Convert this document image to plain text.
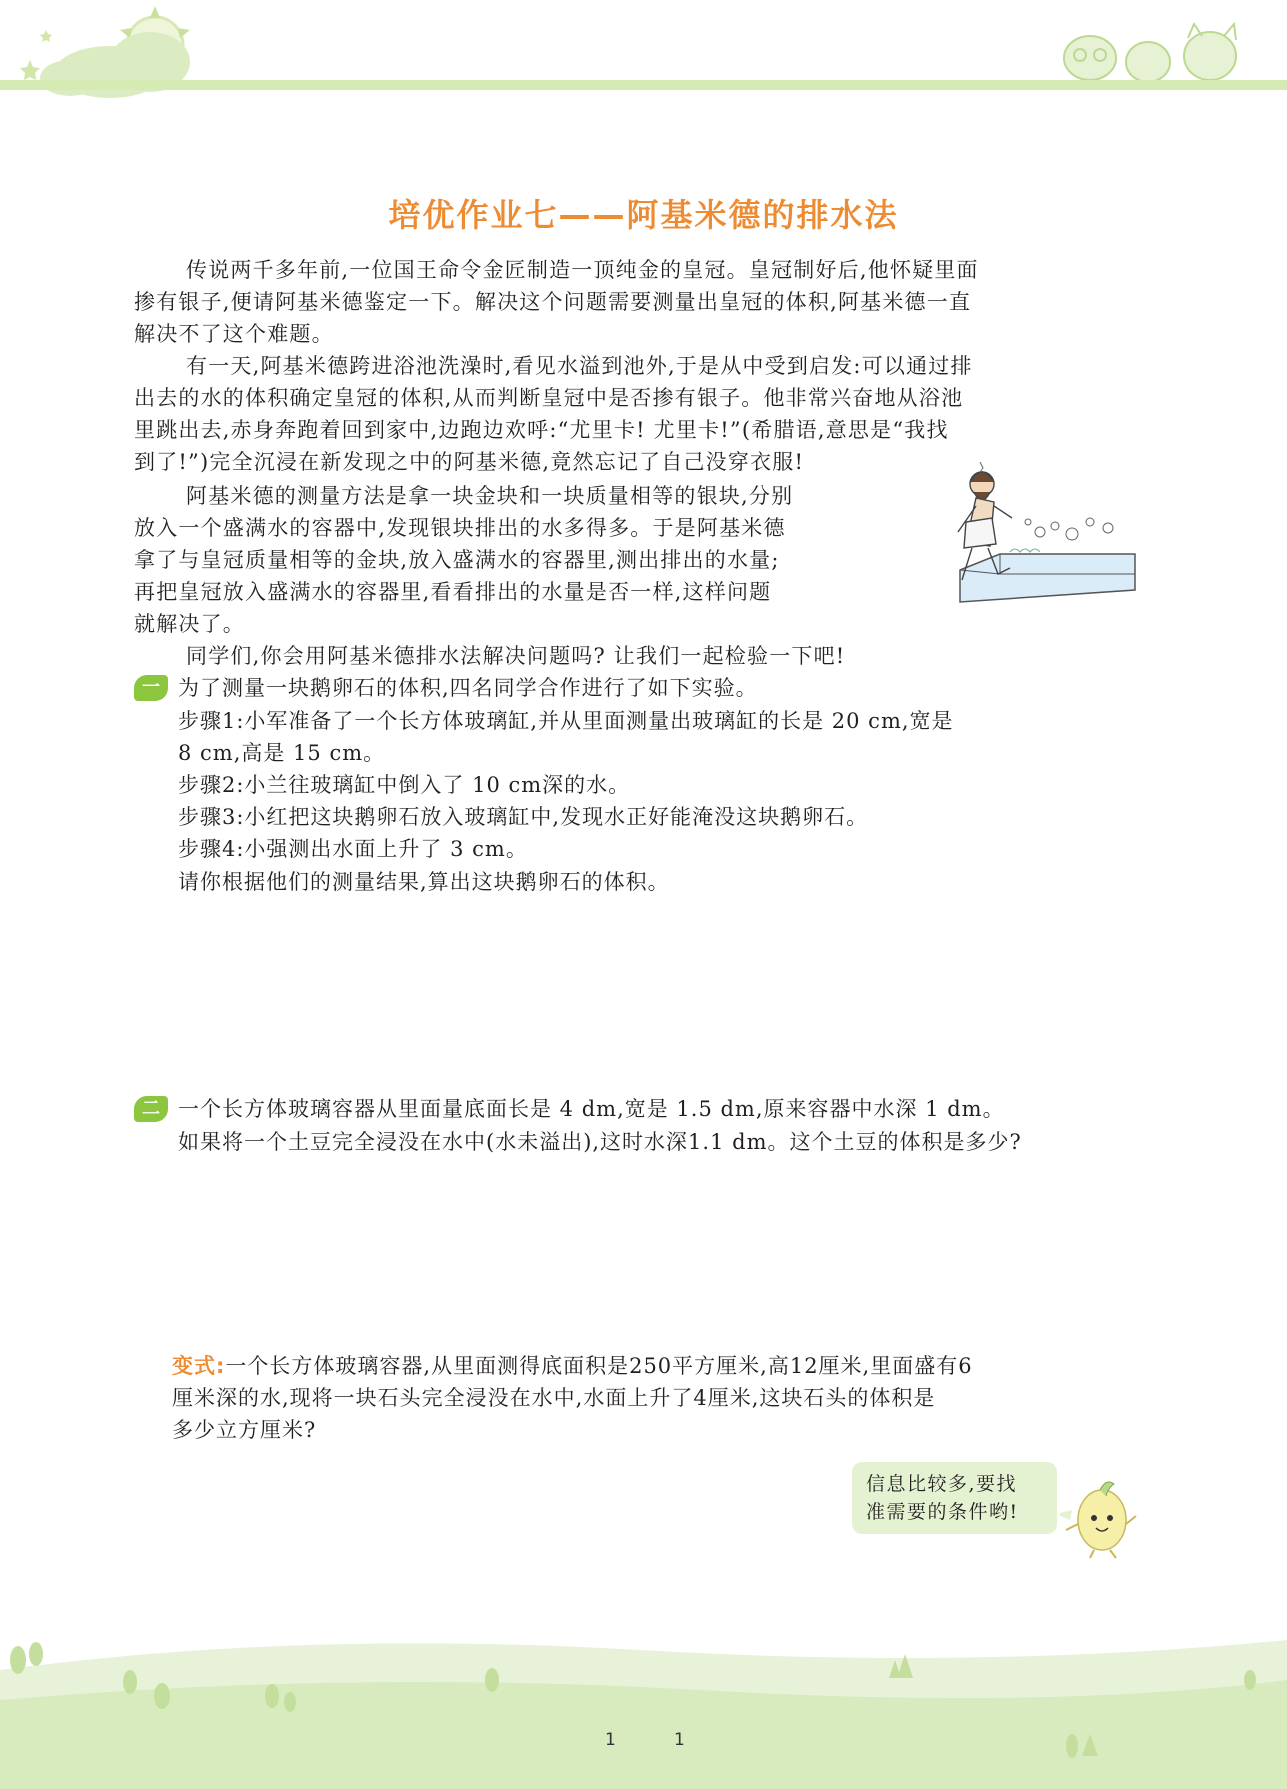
培优作业七——阿基米德的排水法
传说两千多年前,一位国王命令金匠制造一顶纯金的皇冠。皇冠制好后,他怀疑里面
掺有银子,便请阿基米德鉴定一下。解决这个问题需要测量出皇冠的体积,阿基米德一直
解决不了这个难题。
有一天,阿基米德跨进浴池洗澡时,看见水溢到池外,于是从中受到启发:可以通过排
出去的水的体积确定皇冠的体积,从而判断皇冠中是否掺有银子。他非常兴奋地从浴池
里跳出去,赤身奔跑着回到家中,边跑边欢呼:“尤里卡! 尤里卡!”(希腊语,意思是“我找
到了!”)完全沉浸在新发现之中的阿基米德,竟然忘记了自己没穿衣服!
阿基米德的测量方法是拿一块金块和一块质量相等的银块,分别
放入一个盛满水的容器中,发现银块排出的水多得多。于是阿基米德
拿了与皇冠质量相等的金块,放入盛满水的容器里,测出排出的水量;
再把皇冠放入盛满水的容器里,看看排出的水量是否一样,这样问题
就解决了。
同学们,你会用阿基米德排水法解决问题吗? 让我们一起检验一下吧!
一 为了测量一块鹅卵石的体积,四名同学合作进行了如下实验。
步骤1:小军准备了一个长方体玻璃缸,并从里面测量出玻璃缸的长是 20 cm,宽是
8 cm,高是 15 cm。
步骤2:小兰往玻璃缸中倒入了 10 cm深的水。
步骤3:小红把这块鹅卵石放入玻璃缸中,发现水正好能淹没这块鹅卵石。
步骤4:小强测出水面上升了 3 cm。
请你根据他们的测量结果,算出这块鹅卵石的体积。
二 一个长方体玻璃容器从里面量底面长是 4 dm,宽是 1.5 dm,原来容器中水深 1 dm。
如果将一个土豆完全浸没在水中(水未溢出),这时水深1.1 dm。这个土豆的体积是多少?
变式:一个长方体玻璃容器,从里面测得底面积是250平方厘米,高12厘米,里面盛有6
厘米深的水,现将一块石头完全浸没在水中,水面上升了4厘米,这块石头的体积是
多少立方厘米?
信息比较多,要找
准需要的条件哟!
1	1
